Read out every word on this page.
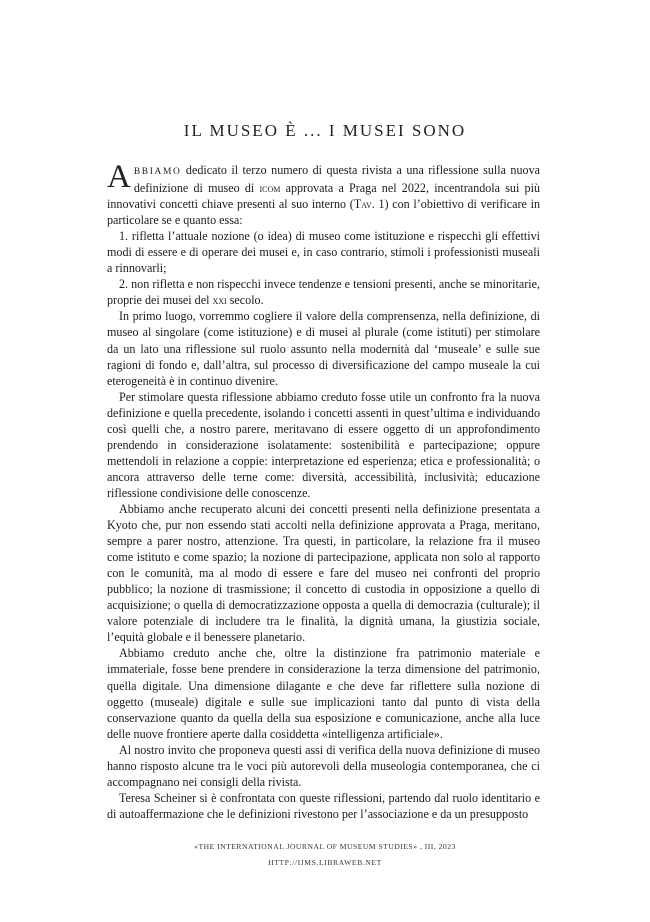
IL MUSEO È ... I MUSEI SONO

ABBIAMO dedicato il terzo numero di questa rivista a una riflessione sulla nuova definizione di museo di icom approvata a Praga nel 2022, incentrandola sui più innovativi concetti chiave presenti al suo interno (Tav. 1) con l’obiettivo di verificare in particolare se e quanto essa:

1. rifletta l’attuale nozione (o idea) di museo come istituzione e rispecchi gli effettivi modi di essere e di operare dei musei e, in caso contrario, stimoli i professionisti museali a rinnovarli;

2. non rifletta e non rispecchi invece tendenze e tensioni presenti, anche se minoritarie, proprie dei musei del xxi secolo.

In primo luogo, vorremmo cogliere il valore della comprensenza, nella definizione, di museo al singolare (come istituzione) e di musei al plurale (come istituti) per stimolare da un lato una riflessione sul ruolo assunto nella modernità dal ‘museale’ e sulle sue ragioni di fondo e, dall’altra, sul processo di diversificazione del campo museale la cui eterogeneità è in continuo divenire.

Per stimolare questa riflessione abbiamo creduto fosse utile un confronto fra la nuova definizione e quella precedente, isolando i concetti assenti in quest’ultima e individuando così quelli che, a nostro parere, meritavano di essere oggetto di un approfondimento prendendo in considerazione isolatamente: sostenibilità e partecipazione; oppure mettendoli in relazione a coppie: interpretazione ed esperienza; etica e professionalità; o ancora attraverso delle terne come: diversità, accessibilità, inclusività; educazione riflessione condivisione delle conoscenze.

Abbiamo anche recuperato alcuni dei concetti presenti nella definizione presentata a Kyoto che, pur non essendo stati accolti nella definizione approvata a Praga, meritano, sempre a parer nostro, attenzione. Tra questi, in particolare, la relazione fra il museo come istituto e come spazio; la nozione di partecipazione, applicata non solo al rapporto con le comunità, ma al modo di essere e fare del museo nei confronti del proprio pubblico; la nozione di trasmissione; il concetto di custodia in opposizione a quello di acquisizione; o quella di democratizzazione opposta a quella di democrazia (culturale); il valore potenziale di includere tra le finalità, la dignità umana, la giustizia sociale, l’equità globale e il benessere planetario.

Abbiamo creduto anche che, oltre la distinzione fra patrimonio materiale e immateriale, fosse bene prendere in considerazione la terza dimensione del patrimonio, quella digitale. Una dimensione dilagante e che deve far riflettere sulla nozione di oggetto (museale) digitale e sulle sue implicazioni tanto dal punto di vista della conservazione quanto da quella della sua esposizione e comunicazione, anche alla luce delle nuove frontiere aperte dalla cosiddetta «intelligenza artificiale».

Al nostro invito che proponeva questi assi di verifica della nuova definizione di museo hanno risposto alcune tra le voci più autorevoli della museologia contemporanea, che ci accompagnano nei consigli della rivista.

Teresa Scheiner si è confrontata con queste riflessioni, partendo dal ruolo identitario e di autoaffermazione che le definizioni rivestono per l’associazione e da un presupposto

«THE INTERNATIONAL JOURNAL OF MUSEUM STUDIES» , III, 2023
HTTP://IJMS.LIBRAWEB.NET
